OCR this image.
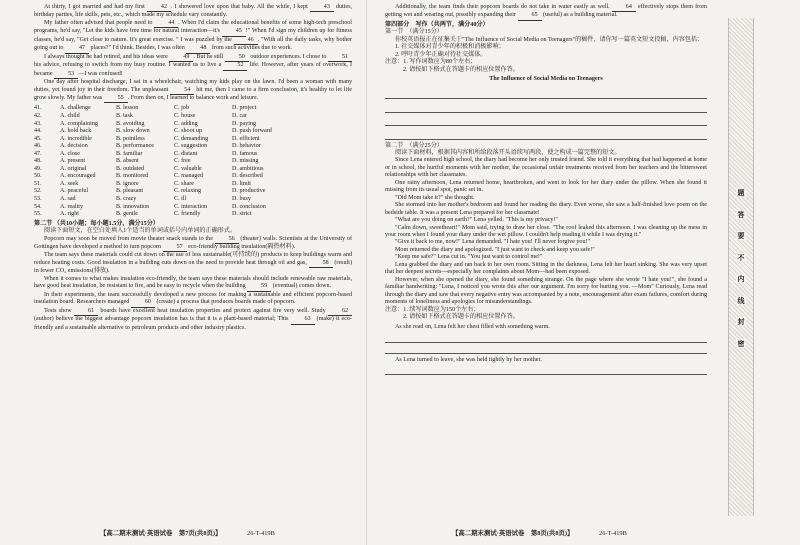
At thirty, I got married and had my first 42 . I showered love upon that baby. All the while, I kept 43 duties, birthday parties, life skills, pets, etc., which made my schedule vary constantly.

My father often advised that people need to 44 . When I'd claim the educational benefits of some high-tech preschool programs, he'd say, "Let the kids have free time for natural interaction—it's 45 !" When I'd sign my children up for fitness classes, he'd say, "Get close to nature. It's great exercise. " I was puzzled by the 46 . "With all the daily tasks, why bother going out to 47 places?" I'd think. Besides, I was often 48 from such activities due to work.

I always thought he had retired, and his ideas were 49 . But he still 50 outdoor experiences. I chose to 51 his advice, refusing to switch from my busy routine. I wanted us to live a 52 life. However, after years of overwork, I became 53 —I was confused!

One day after hospital discharge, I sat in a wheelchair, watching my kids play on the lawn. I'd been a woman with many duties, yet found joy in their freedom. The unpleasant 54 hit me, then I came to a firm conclusion, it's healthy to let life grow slowly. My father was 55 . From then on, I learned to balance work and leisure.

41.	A. challenge	B. lesson	C. job	D. project
42.	A. child	B. task	C. house	D. car
43.	A. complaining	B. avoiding	C. adding	D. paying
44.	A. hold back	B. slow down	C. shoot up	D. push forward
45.	A. incredible	B. pointless	C. demanding	D. efficient
46.	A. decision	B. performance	C. suggestion	D. behavior
47.	A. close	B. familiar	C. distant	D. famous
48.	A. present	B. absent	C. free	D. missing
49.	A. original	B. outdated	C. valuable	D. ambitious
50.	A. encouraged	B. monitored	C. managed	D. described
51.	A. seek	B. ignore	C. share	D. limit
52.	A. peaceful	B. pleasant	C. relaxing	D. productive
53.	A. sad	B. crazy	C. ill	D. busy
54.	A. reality	B. innovation	C. interaction	D. conclusion
55.	A. right	B. gentle	C. friendly	D. strict

第二节 （共10小题；每小题1.5分，满分15分）

阅读下面短文，在空白处填入1个适当的单词或括号内单词的正确形式。

Popcorn may soon be moved from movie theater snack stands to the 56 (theater) walls. Scientists at the University of Gottingen have developed a method to turn popcorn 57 eco-friendly building insulation(隔热材料).

The team says these materials could cut down on the use of less sustainable(可持续的) products to keep buildings warm and reduce heating costs. Good insulation in a building cuts down on the need to provide heat through oil and gas, 58 (result) in fewer CO₂ emissions(排放).

When it comes to what makes insulation eco-friendly, the team says these materials should include renewable raw materials, have good heat insulation, be resistant to fire, and be easy to recycle when the building 59 (eventual) comes down.

In their experiments, the team successfully developed a new process for making a sustainable and efficient popcorn-based insulation board. Researchers managed 60 (create) a process that produces boards made of popcorn.

Tests show 61 boards have excellent heat insulation properties and protect against fire very well. Study 62 (author) believe the biggest advantage popcorn insulation has is that it is a plant-based material; This 63 (make) it eco-friendly and a sustainable alternative to petroleum products and other industry plastics.

【高二期末测试·英语试卷　第7页(共8页)】	26-T-419B

Additionally, the team finds their popcorn boards do not take in water easily as well. 64 effectively stops them from getting wet and wearing out, possibly expanding their 65 (useful) as a building material.

第四部分　写作（共两节，满分40分）

第一节　（满分15分）

你校英语报正在征集关于"The Influence of Social Media on Teenagers"的稿件，请你写一篇英文短文投稿，内容包括：

1. 社交媒体对青少年的积极和消极影响；

2. 呼吁青少年正确对待社交媒体。

注意：1. 写作词数应为80个左右；

2. 请按如下格式在答题卡的相应位置作答。

The Influence of Social Media on Teenagers

第二节　（满分25分）

阅读下面材料，根据其内容和所给段落开头语续写两段，使之构成一篇完整的短文。

Since Lena entered high school, the diary had become her only trusted friend. She told it everything that had happened at home or in school, the hurtful moments with her mother, the occasional unfair treatments received from her teachers and the bittersweet relationships with her classmates.

One rainy afternoon, Lena returned home, heartbroken, and went to look for her diary under the pillow. When she found it missing from its usual spot, panic set in.

"Did Mom take it?" she thought.

She stormed into her mother's bedroom and found her reading the diary. Even worse, she saw a half-finished love poem on the bedside table. It was a present Lena prepared for her classmate!

"What are you doing on earth?" Lena yelled. "This is my privacy!"

"Calm down, sweetheart!" Mom said, trying to draw her close. "The roof leaked this afternoon. I was cleaning up the mess in your room when I found your diary under the wet pillow. I couldn't help reading it while I was drying it."

"Give it back to me, now!" Lena demanded. "I hate you! I'll never forgive you!"

Mom returned the diary and apologized. "I just want to check and keep you safe!"

"Keep me safe?" Lena cut in. "You just want to control me!"

Lena grabbed the diary and ran back to her own room. Sitting in the darkness, Lena felt her heart sinking. She was very upset that her deepest secrets—especially her complaints about Mom—had been exposed.

However, when she opened the diary, she found something strange. On the page where she wrote "I hate you!", she found a familiar handwriting: "Lena, I noticed you wrote this after our argument. I'm sorry for hurting you. —Mom" Curiously, Lena read through the diary and saw that every negative entry was accompanied by a note, encouragement after exam failures, comfort during moments of loneliness and apologies for misunderstandings.

注意：1. 续写词数应为150个左右；

2. 请按如下格式在答题卡的相应位置作答。

As she read on, Lena felt her chest filled with something warm.

As Lena turned to leave, she was held tightly by her mother.

【高二期末测试·英语试卷　第8页(共8页)】	26-T-419B
题
答
要
不
内
线
封
密
